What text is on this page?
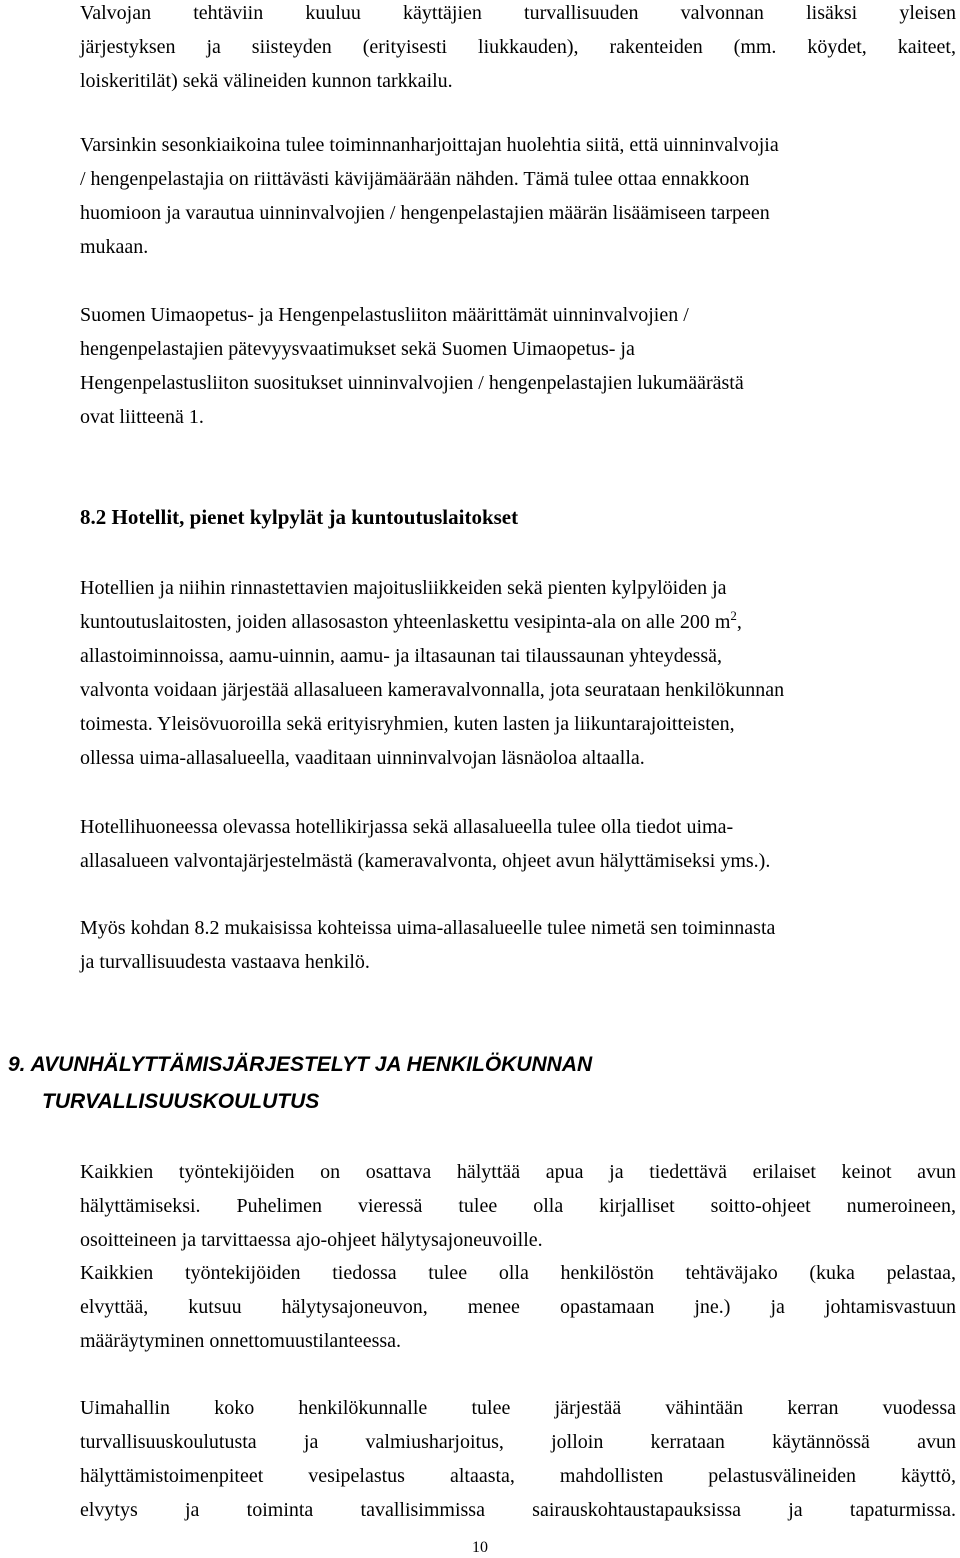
Valvojan tehtäviin kuuluu käyttäjien turvallisuuden valvonnan lisäksi yleisen
järjestyksen ja siisteyden (erityisesti liukkauden), rakenteiden (mm. köydet, kaiteet,
loiskeritilät) sekä välineiden kunnon tarkkailu.

Varsinkin sesonkiaikoina tulee toiminnanharjoittajan huolehtia siitä, että uinninvalvojia
/ hengenpelastajia on riittävästi kävijämäärään nähden. Tämä tulee ottaa ennakkoon
huomioon ja varautua uinninvalvojien / hengenpelastajien määrän lisäämiseen tarpeen
mukaan.

Suomen Uimaopetus- ja Hengenpelastusliiton määrittämät uinninvalvojien /
hengenpelastajien pätevyysvaatimukset sekä Suomen Uimaopetus- ja
Hengenpelastusliiton suositukset uinninvalvojien / hengenpelastajien lukumäärästä
ovat liitteenä 1.

8.2 Hotellit, pienet kylpylät ja kuntoutuslaitokset

Hotellien ja niihin rinnastettavien majoitusliikkeiden sekä pienten kylpylöiden ja
kuntoutuslaitosten, joiden allasosaston yhteenlaskettu vesipinta-ala on alle 200 $m^2$,
allastoiminnoissa, aamu-uinnin, aamu- ja iltasaunan tai tilaussaunan yhteydessä,
valvonta voidaan järjestää allasalueen kameravalvonnalla, jota seurataan henkilökunnan
toimesta. Yleisövuoroilla sekä erityisryhmien, kuten lasten ja liikuntarajoitteisten,
ollessa uima-allasalueella, vaaditaan uinninvalvojan läsnäoloa altaalla.

Hotellihuoneessa olevassa hotellikirjassa sekä allasalueella tulee olla tiedot uima-
allasalueen valvontajärjestelmästä (kameravalvonta, ohjeet avun hälyttämiseksi yms.).

Myös kohdan 8.2 mukaisissa kohteissa uima-allasalueelle tulee nimetä sen toiminnasta
ja turvallisuudesta vastaava henkilö.

9. AVUNHÄLYTTÄMISJÄRJESTELYT JA HENKILÖKUNNAN
TURVALLISUUSKOULUTUS

Kaikkien työntekijöiden on osattava hälyttää apua ja tiedettävä erilaiset keinot avun
hälyttämiseksi. Puhelimen vieressä tulee olla kirjalliset soitto-ohjeet numeroineen,
osoitteineen ja tarvittaessa ajo-ohjeet hälytysajoneuvoille.

Kaikkien työntekijöiden tiedossa tulee olla henkilöstön tehtäväjako (kuka pelastaa,
elvyttää, kutsuu hälytysajoneuvon, menee opastamaan jne.) ja johtamisvastuun
määräytyminen onnettomuustilanteessa.

Uimahallin koko henkilökunnalle tulee järjestää vähintään kerran vuodessa
turvallisuuskoulutusta ja valmiusharjoitus, jolloin kerrataan käytännössä avun
hälyttämistoimenpiteet vesipelastus altaasta, mahdollisten pelastusvälineiden käyttö,
elvytys ja toiminta tavallisimmissa sairauskohtaustapauksissa ja tapaturmissa.

10
